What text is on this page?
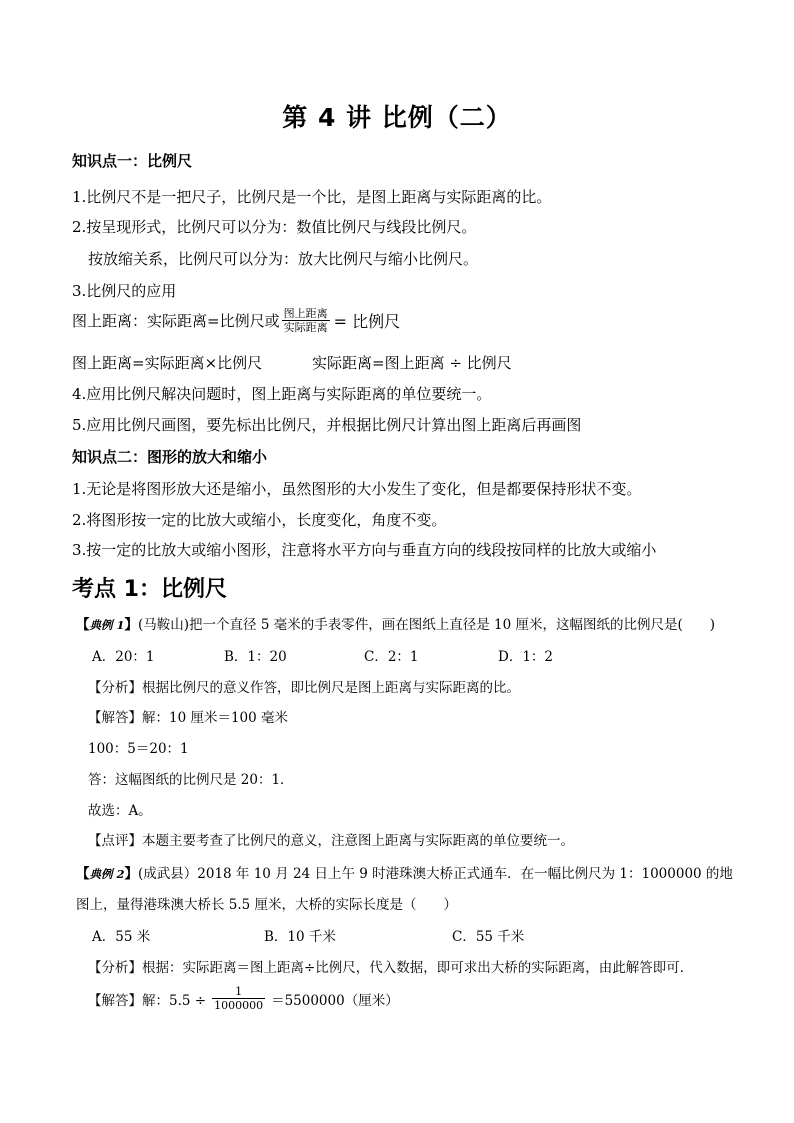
第 4 讲 比例（二）
知识点一：比例尺
1.比例尺不是一把尺子，比例尺是一个比，是图上距离与实际距离的比。
2.按呈现形式，比例尺可以分为：数值比例尺与线段比例尺。
按放缩关系，比例尺可以分为：放大比例尺与缩小比例尺。
3.比例尺的应用
图上距离：实际距离=比例尺或 $\frac{\text{图上距离}}{\text{实际距离}}$ = 比例尺
图上距离=实际距离×比例尺	实际距离=图上距离 ÷ 比例尺
4.应用比例尺解决问题时，图上距离与实际距离的单位要统一。
5.应用比例尺画图，要先标出比例尺，并根据比例尺计算出图上距离后再画图
知识点二：图形的放大和缩小
1.无论是将图形放大还是缩小，虽然图形的大小发生了变化，但是都要保持形状不变。
2.将图形按一定的比放大或缩小，长度变化，角度不变。
3.按一定的比放大或缩小图形，注意将水平方向与垂直方向的线段按同样的比放大或缩小
考点 1：比例尺
【典例 1】(马鞍山)把一个直径 5 毫米的手表零件，画在图纸上直径是 10 厘米，这幅图纸的比例尺是(　　)
A．20：1	B．1：20	C．2：1	D．1：2
【分析】根据比例尺的意义作答，即比例尺是图上距离与实际距离的比。
【解答】解：10 厘米＝100 毫米
100：5＝20：1
答：这幅图纸的比例尺是 20：1．
故选：A。
【点评】本题主要考查了比例尺的意义，注意图上距离与实际距离的单位要统一。
【典例 2】(成武县）2018 年 10 月 24 日上午 9 时港珠澳大桥正式通车．在一幅比例尺为 1：1000000 的地
图上，量得港珠澳大桥长 5.5 厘米，大桥的实际长度是（　　）
A．55 米	B．10 千米	C．55 千米
【分析】根据：实际距离＝图上距离÷比例尺，代入数据，即可求出大桥的实际距离，由此解答即可．
【解答】解：$5.5 \div \frac{1}{1000000} =5500000$（厘米）
